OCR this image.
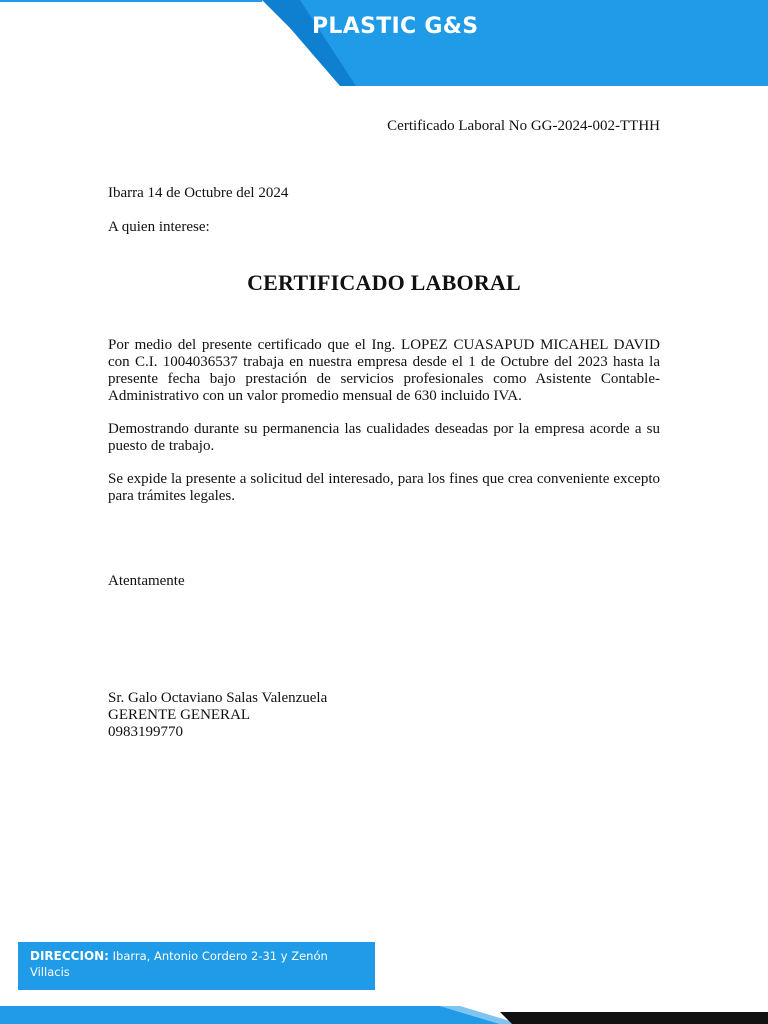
PLASTIC G&S
Certificado Laboral No GG-2024-002-TTHH
Ibarra 14 de Octubre del 2024
A quien interese:
CERTIFICADO LABORAL
Por medio del presente certificado que el Ing. LOPEZ CUASAPUD MICAHEL DAVID con C.I. 1004036537 trabaja en nuestra empresa desde el 1 de Octubre del 2023 hasta la presente fecha bajo prestación de servicios profesionales como Asistente Contable-Administrativo con un valor promedio mensual de 630 incluido IVA.
Demostrando durante su permanencia las cualidades deseadas por la empresa acorde a su puesto de trabajo.
Se expide la presente a solicitud del interesado, para los fines que crea conveniente excepto para trámites legales.
Atentamente
Sr. Galo Octaviano Salas Valenzuela
GERENTE GENERAL
0983199770
DIRECCION: Ibarra, Antonio Cordero 2-31 y Zenón Villacis
